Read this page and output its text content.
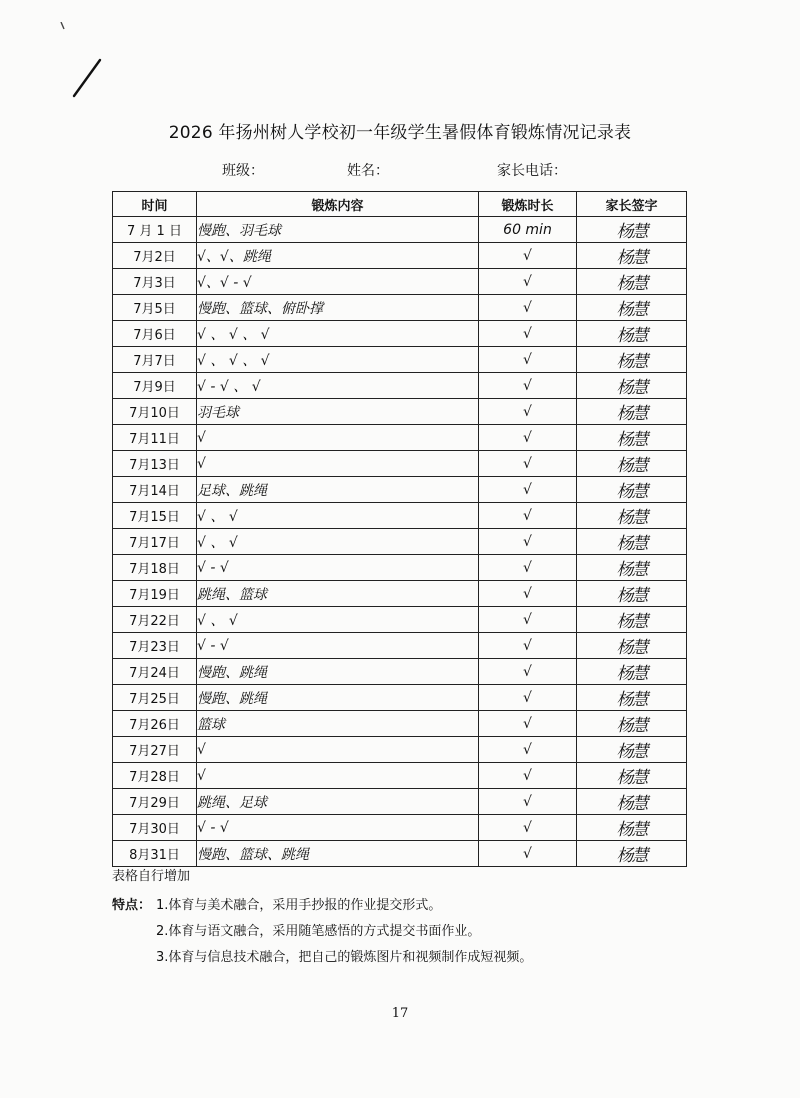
2026 年扬州树人学校初一年级学生暑假体育锻炼情况记录表
班级：	姓名：	家长电话：
时间	锻炼内容	锻炼时长	家长签字
7 月 1 日	慢跑、羽毛球	60 min	杨慧
7月2日	√、√、跳绳	√	杨慧
7月3日	√、√ - √	√	杨慧
7月5日	慢跑、篮球、俯卧撑	√	杨慧
7月6日	√ 、 √ 、 √	√	杨慧
7月7日	√ 、 √ 、 √	√	杨慧
7月9日	√ - √ 、 √	√	杨慧
7月10日	羽毛球	√	杨慧
7月11日	√	√	杨慧
7月13日	√	√	杨慧
7月14日	足球、跳绳	√	杨慧
7月15日	√ 、 √	√	杨慧
7月17日	√ 、 √	√	杨慧
7月18日	√ - √	√	杨慧
7月19日	跳绳、篮球	√	杨慧
7月22日	√ 、 √	√	杨慧
7月23日	√ - √	√	杨慧
7月24日	慢跑、跳绳	√	杨慧
7月25日	慢跑、跳绳	√	杨慧
7月26日	篮球	√	杨慧
7月27日	√	√	杨慧
7月28日	√	√	杨慧
7月29日	跳绳、足球	√	杨慧
7月30日	√ - √	√	杨慧
8月31日	慢跑、篮球、跳绳	√	杨慧
表格自行增加
特点： 1.体育与美术融合，采用手抄报的作业提交形式。
2.体育与语文融合，采用随笔感悟的方式提交书面作业。
3.体育与信息技术融合，把自己的锻炼图片和视频制作成短视频。
17
